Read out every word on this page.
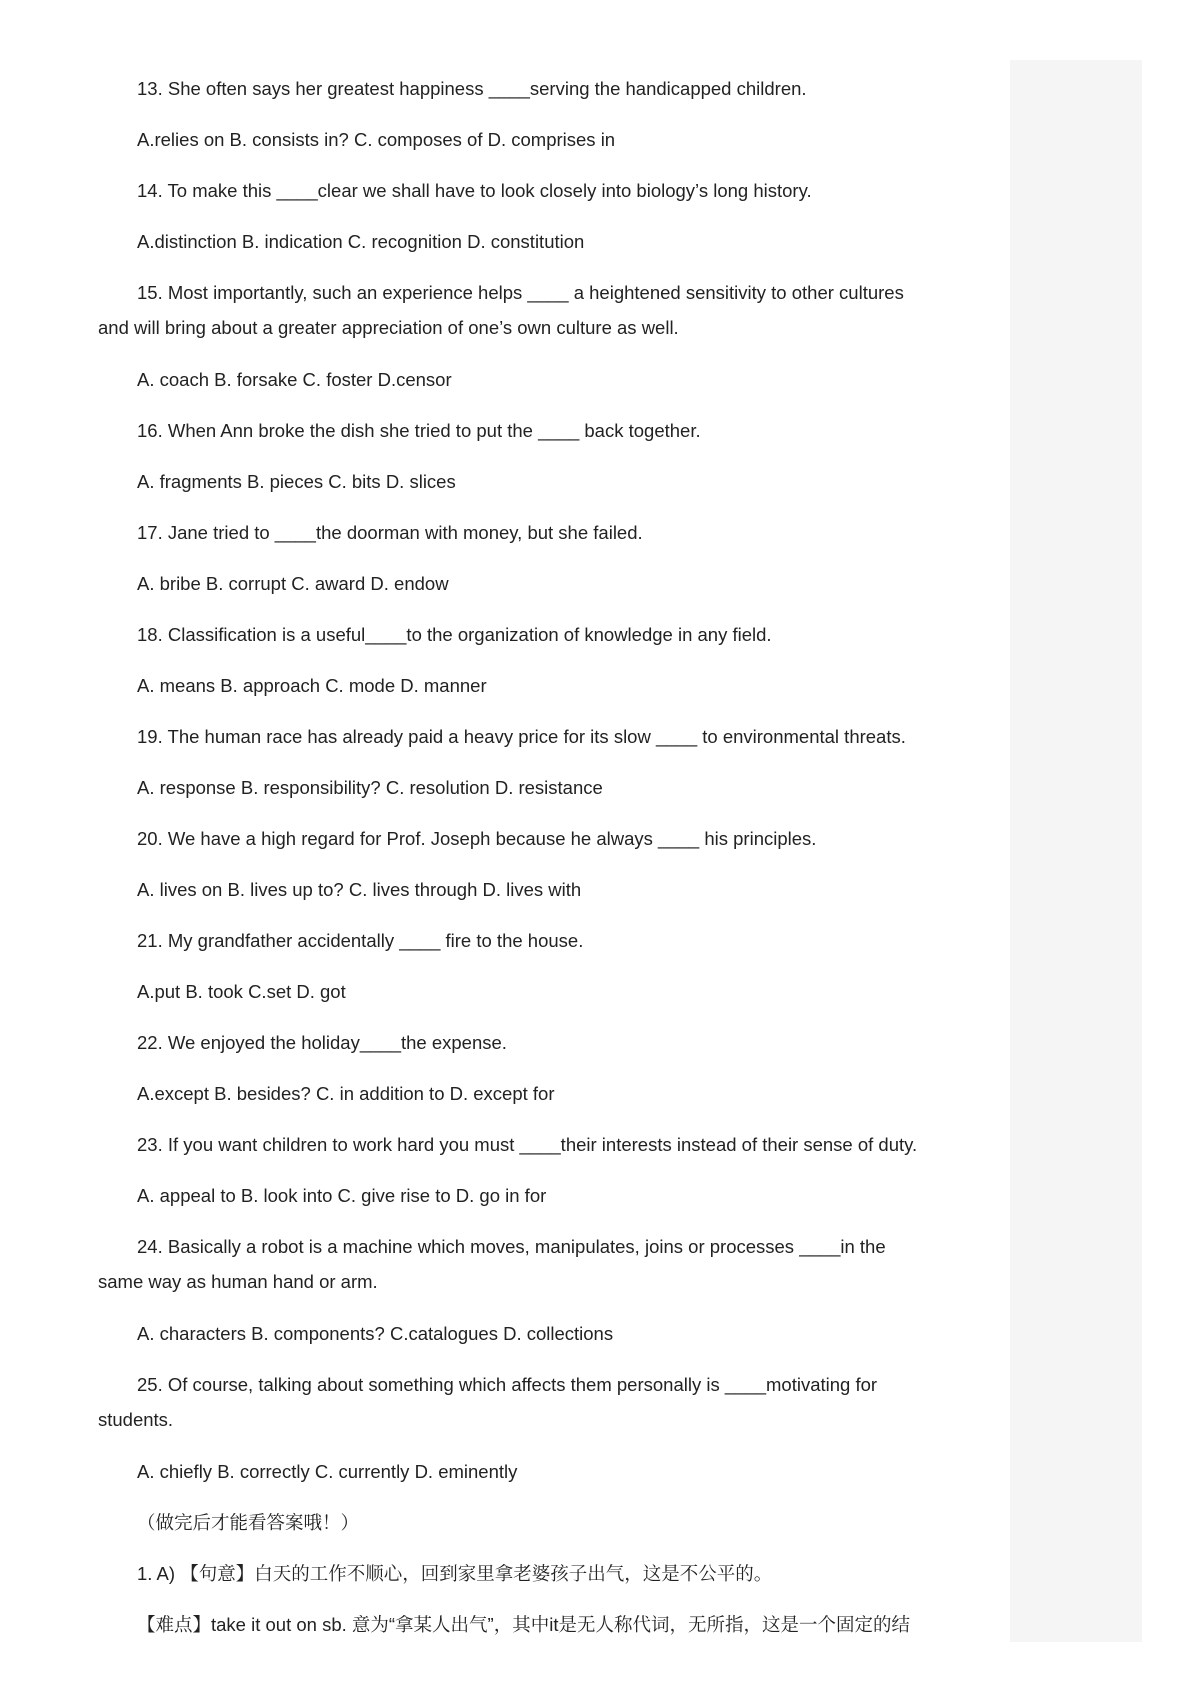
13. She often says her greatest happiness ____serving the handicapped children.
A.relies on B. consists in? C. composes of D. comprises in
14. To make this ____clear we shall have to look closely into biology’s long history.
A.distinction B. indication C. recognition D. constitution
15. Most importantly, such an experience helps ____ a heightened sensitivity to other cultures
and will bring about a greater appreciation of one’s own culture as well.
A. coach B. forsake C. foster D.censor
16. When Ann broke the dish she tried to put the ____ back together.
A. fragments B. pieces C. bits D. slices
17. Jane tried to ____the doorman with money, but she failed.
A. bribe B. corrupt C. award D. endow
18. Classification is a useful____to the organization of knowledge in any field.
A. means B. approach C. mode D. manner
19. The human race has already paid a heavy price for its slow ____ to environmental threats.
A. response B. responsibility? C. resolution D. resistance
20. We have a high regard for Prof. Joseph because he always ____ his principles.
A. lives on B. lives up to? C. lives through D. lives with
21. My grandfather accidentally ____ fire to the house.
A.put B. took C.set D. got
22. We enjoyed the holiday____the expense.
A.except B. besides? C. in addition to D. except for
23. If you want children to work hard you must ____their interests instead of their sense of duty.
A. appeal to B. look into C. give rise to D. go in for
24. Basically a robot is a machine which moves, manipulates, joins or processes ____in the
same way as human hand or arm.
A. characters B. components? C.catalogues D. collections
25. Of course, talking about something which affects them personally is ____motivating for
students.
A. chiefly B. correctly C. currently D. eminently
（做完后才能看答案哦！）
1. A) 【句意】白天的工作不顺心，回到家里拿老婆孩子出气，这是不公平的。
【难点】take it out on sb. 意为“拿某人出气”，其中it是无人称代词，无所指，这是一个固定的结
